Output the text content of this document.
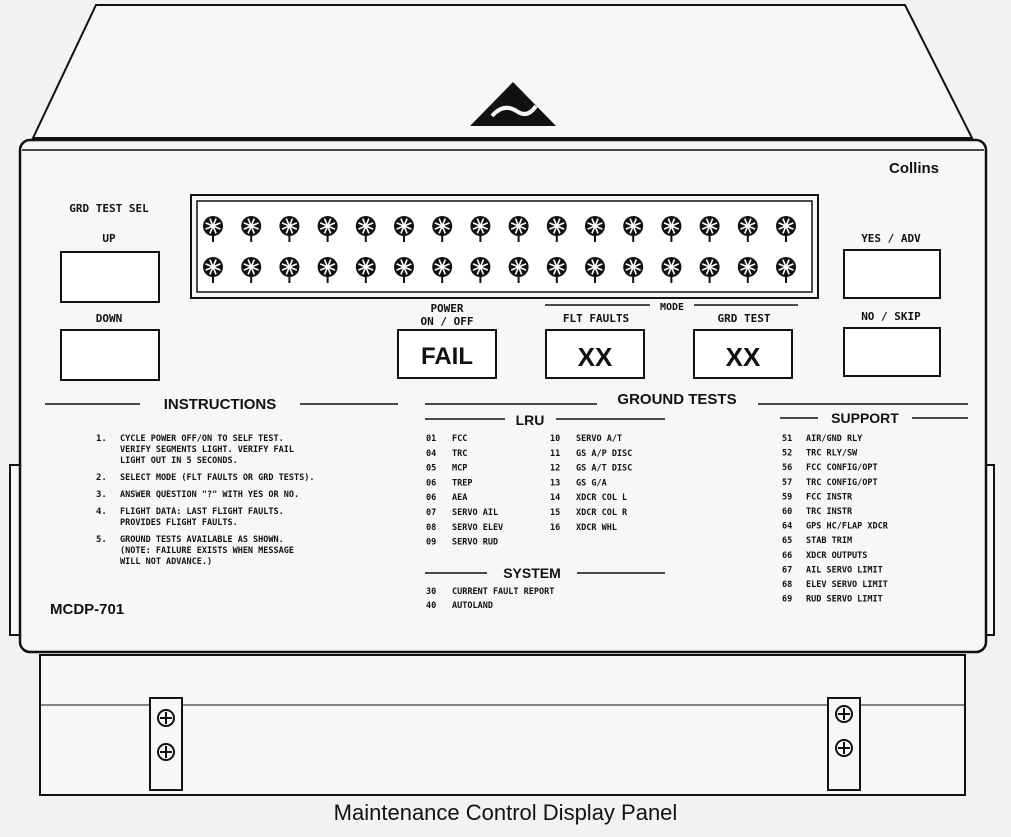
Collins
GRD TEST SEL
UP
DOWN
YES / ADV
NO / SKIP
POWER
ON / OFF
FAIL
MODE
FLT FAULTS
XX
GRD TEST
XX
INSTRUCTIONS
1. CYCLE POWER OFF/ON TO SELF TEST.
VERIFY SEGMENTS LIGHT. VERIFY FAIL
LIGHT OUT IN 5 SECONDS.
2. SELECT MODE (FLT FAULTS OR GRD TESTS).
3. ANSWER QUESTION "?" WITH YES OR NO.
4. FLIGHT DATA: LAST FLIGHT FAULTS.
PROVIDES FLIGHT FAULTS.
5. GROUND TESTS AVAILABLE AS SHOWN.
(NOTE: FAILURE EXISTS WHEN MESSAGE
WILL NOT ADVANCE.)
MCDP-701
GROUND TESTS
LRU
01 FCC
04 TRC
05 MCP
06 TREP
06 AEA
07 SERVO AIL
08 SERVO ELEV
09 SERVO RUD
10 SERVO A/T
11 GS A/P DISC
12 GS A/T DISC
13 GS G/A
14 XDCR COL L
15 XDCR COL R
16 XDCR WHL
SYSTEM
30 CURRENT FAULT REPORT
40 AUTOLAND
SUPPORT
51 AIR/GND RLY
52 TRC RLY/SW
56 FCC CONFIG/OPT
57 TRC CONFIG/OPT
59 FCC INSTR
60 TRC INSTR
64 GPS HC/FLAP XDCR
65 STAB TRIM
66 XDCR OUTPUTS
67 AIL SERVO LIMIT
68 ELEV SERVO LIMIT
69 RUD SERVO LIMIT
Maintenance Control Display Panel
